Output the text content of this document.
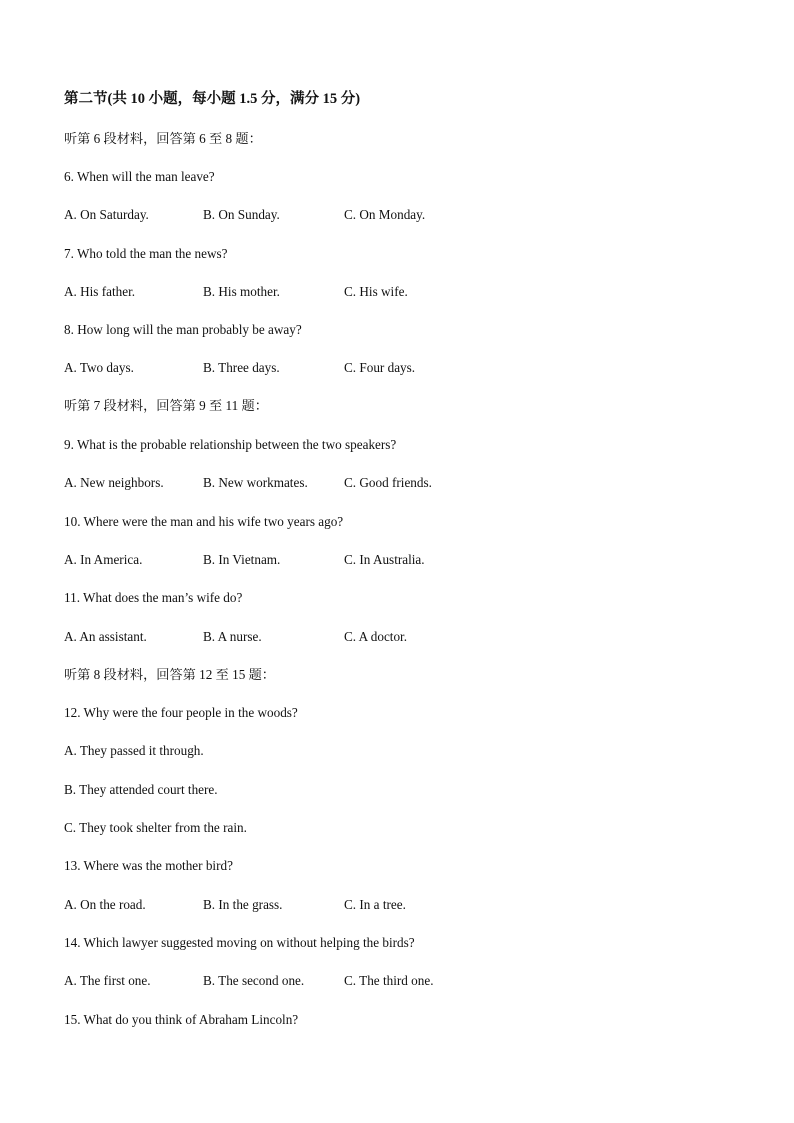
第二节(共 10 小题，每小题 1.5 分，满分 15 分)
听第 6 段材料，回答第 6 至 8 题：
6. When will the man leave?
A. On Saturday.	B. On Sunday.	C. On Monday.
7. Who told the man the news?
A. His father.	B. His mother.	C. His wife.
8. How long will the man probably be away?
A. Two days.	B. Three days.	C. Four days.
听第 7 段材料，回答第 9 至 11 题：
9. What is the probable relationship between the two speakers?
A. New neighbors.	B. New workmates.	C. Good friends.
10. Where were the man and his wife two years ago?
A. In America.	B. In Vietnam.	C. In Australia.
11. What does the man’s wife do?
A. An assistant.	B. A nurse.	C. A doctor.
听第 8 段材料，回答第 12 至 15 题：
12. Why were the four people in the woods?
A. They passed it through.
B. They attended court there.
C. They took shelter from the rain.
13. Where was the mother bird?
A. On the road.	B. In the grass.	C. In a tree.
14. Which lawyer suggested moving on without helping the birds?
A. The first one.	B. The second one.	C. The third one.
15. What do you think of Abraham Lincoln?
